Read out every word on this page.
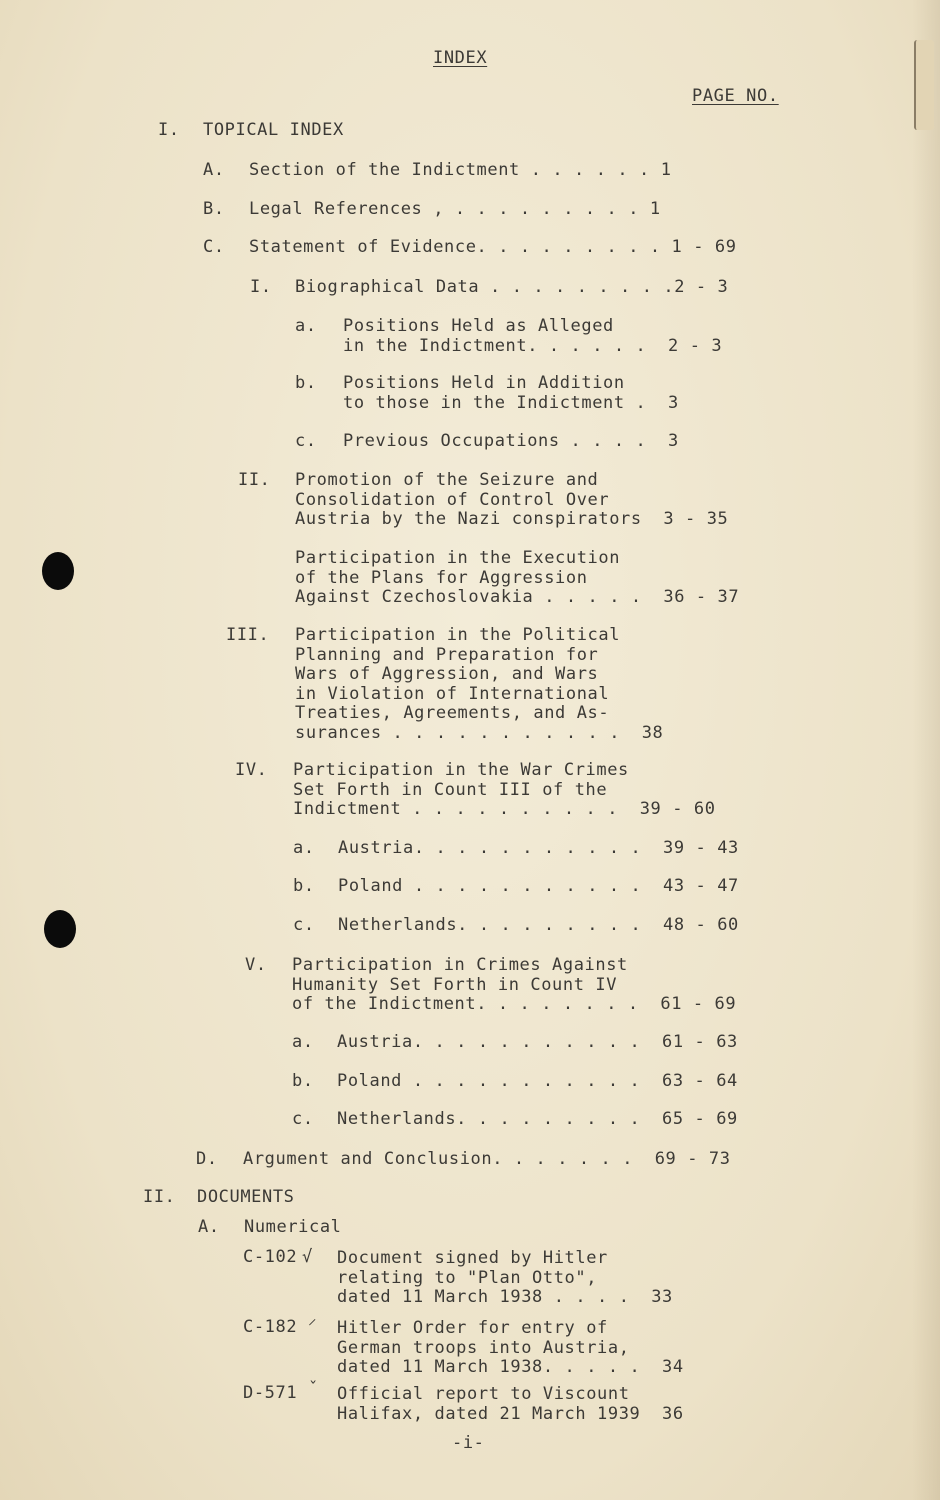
INDEX

PAGE NO.

I. TOPICAL INDEX

A. Section of the Indictment . . . . . . 1

B. Legal References , . . . . . . . . . 1

C. Statement of Evidence. . . . . . . . . 1 - 69

I. Biographical Data . . . . . . . . .2 - 3

a. Positions Held as Alleged
in the Indictment. . . . . .  2 - 3

b. Positions Held in Addition
to those in the Indictment .  3

c. Previous Occupations . . . .  3

II. Promotion of the Seizure and
Consolidation of Control Over
Austria by the Nazi conspirators  3 - 35

Participation in the Execution
of the Plans for Aggression
Against Czechoslovakia . . . . .  36 - 37

III. Participation in the Political
Planning and Preparation for
Wars of Aggression, and Wars
in Violation of International
Treaties, Agreements, and As-
surances . . . . . . . . . . .  38

IV. Participation in the War Crimes
Set Forth in Count III of the
Indictment . . . . . . . . . .  39 - 60

a. Austria. . . . . . . . . . .  39 - 43

b. Poland . . . . . . . . . . .  43 - 47

c. Netherlands. . . . . . . . .  48 - 60

V. Participation in Crimes Against
Humanity Set Forth in Count IV
of the Indictment. . . . . . . .  61 - 69

a. Austria. . . . . . . . . . .  61 - 63

b. Poland . . . . . . . . . . .  63 - 64

c. Netherlands. . . . . . . . .  65 - 69

D. Argument and Conclusion. . . . . . .  69 - 73

II. DOCUMENTS

A. Numerical

C-102 √ Document signed by Hitler
relating to "Plan Otto",
dated 11 March 1938 . . . .  33

C-182 ⸝ Hitler Order for entry of
German troops into Austria,
dated 11 March 1938. . . . .  34

D-571 ˇ Official report to Viscount
Halifax, dated 21 March 1939  36

-i-
